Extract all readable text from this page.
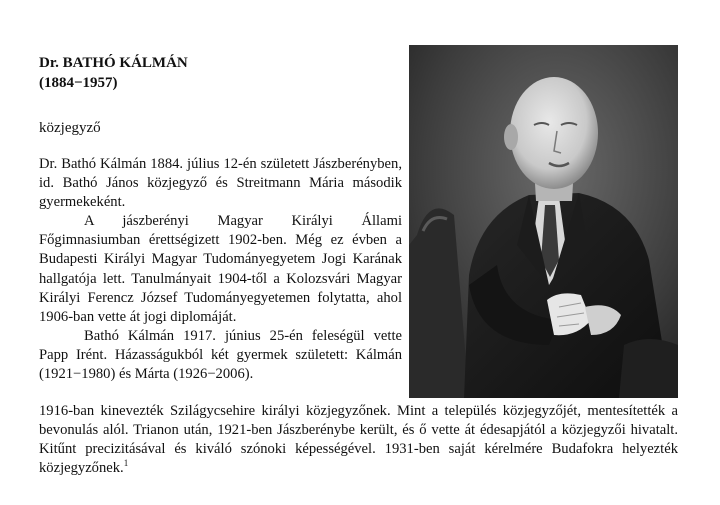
Dr. BATHÓ KÁLMÁN
(1884−1957)
közjegyző

Dr. Bathó Kálmán 1884. július 12-én született Jászberényben, id. Bathó János közjegyző és Streitmann Mária második gyermekeként.

A jászberényi Magyar Királyi Állami Főgimnasiumban érettségizett 1902-ben. Még ez évben a Budapesti Királyi Magyar Tudományegyetem Jogi Karának hallgatója lett. Tanulmányait 1904-től a Kolozsvári Magyar Királyi Ferencz József Tudományegyetemen folytatta, ahol 1906-ban vette át jogi diplomáját.

Bathó Kálmán 1917. június 25-én feleségül vette Papp Irént. Házasságukból két gyermek született: Kálmán (1921−1980) és Márta (1926−2006).

1916-ban kinevezték Szilágycsehire királyi közjegyzőnek. Mint a település közjegyzőjét, mentesítették a bevonulás alól. Trianon után, 1921-ben Jászberénybe került, és ő vette át édesapjától a közjegyzői hivatalt. Kitűnt precizitásával és kiváló szónoki képességével. 1931-ben saját kérelmére Budafokra helyezték közjegyzőnek.$^1$
